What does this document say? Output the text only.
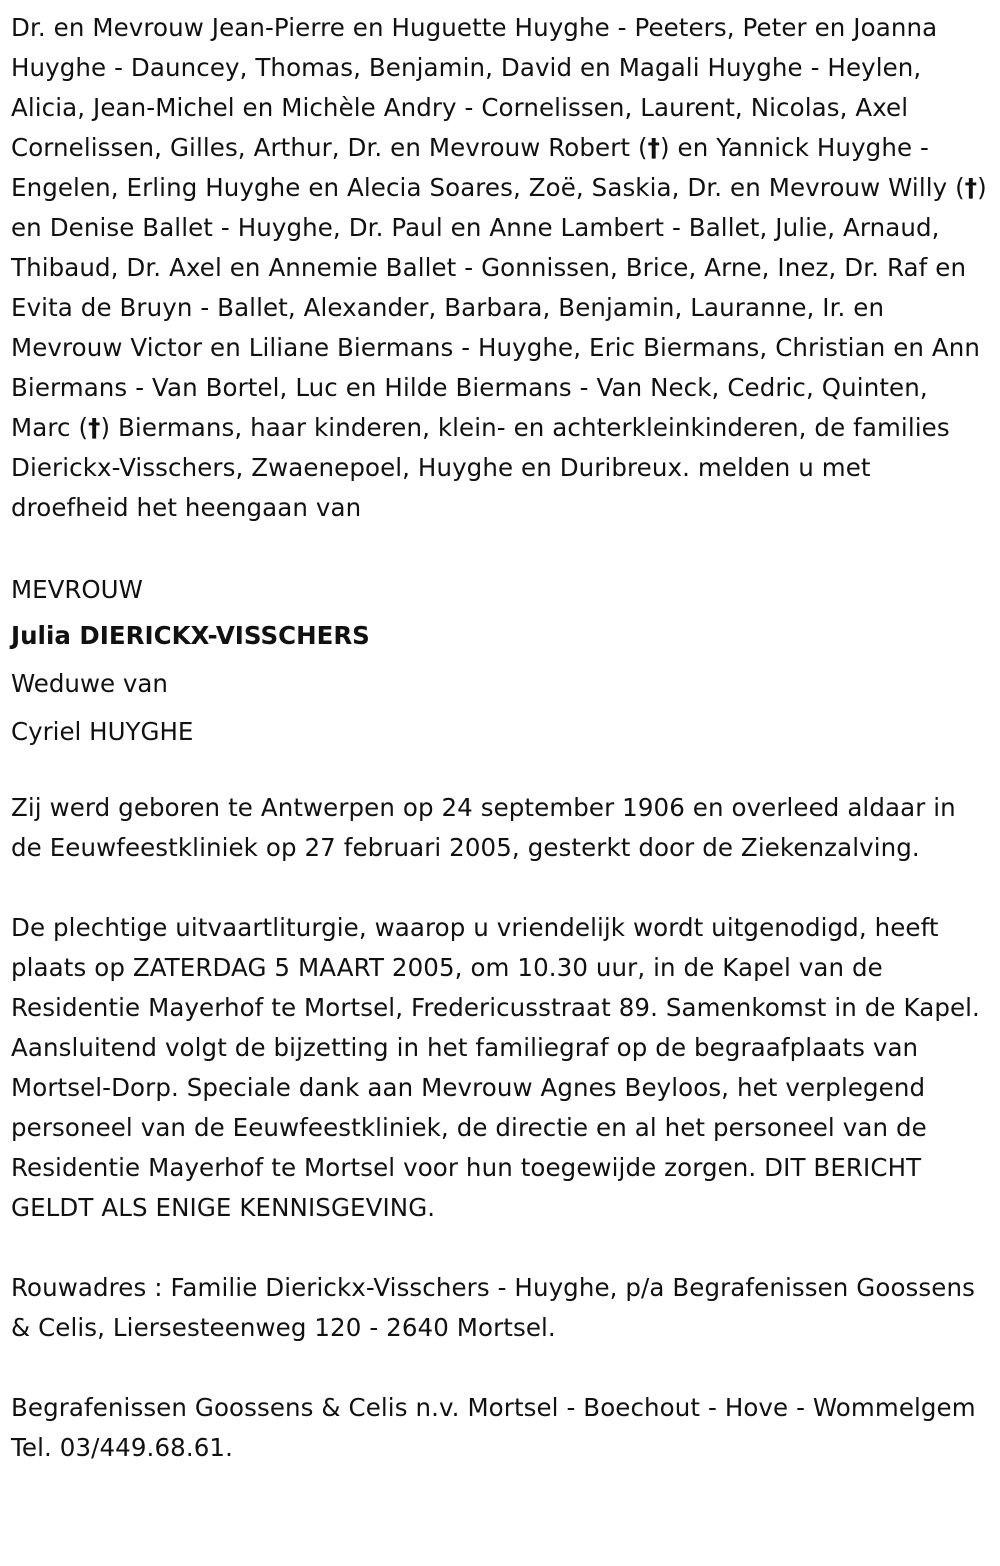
Dr. en Mevrouw Jean-Pierre en Huguette Huyghe - Peeters, Peter en Joanna Huyghe - Dauncey, Thomas, Benjamin, David en Magali Huyghe - Heylen, Alicia, Jean-Michel en Michèle Andry - Cornelissen, Laurent, Nicolas, Axel Cornelissen, Gilles, Arthur, Dr. en Mevrouw Robert (†) en Yannick Huyghe - Engelen, Erling Huyghe en Alecia Soares, Zoë, Saskia, Dr. en Mevrouw Willy (†) en Denise Ballet - Huyghe, Dr. Paul en Anne Lambert - Ballet, Julie, Arnaud, Thibaud, Dr. Axel en Annemie Ballet - Gonnissen, Brice, Arne, Inez, Dr. Raf en Evita de Bruyn - Ballet, Alexander, Barbara, Benjamin, Lauranne, Ir. en Mevrouw Victor en Liliane Biermans - Huyghe, Eric Biermans, Christian en Ann Biermans - Van Bortel, Luc en Hilde Biermans - Van Neck, Cedric, Quinten, Marc (†) Biermans, haar kinderen, klein- en achterkleinkinderen, de families Dierickx-Visschers, Zwaenepoel, Huyghe en Duribreux. melden u met droefheid het heengaan van

MEVROUW
Julia DIERICKX-VISSCHERS
Weduwe van
Cyriel HUYGHE

Zij werd geboren te Antwerpen op 24 september 1906 en overleed aldaar in de Eeuwfeestkliniek op 27 februari 2005, gesterkt door de Ziekenzalving.

De plechtige uitvaartliturgie, waarop u vriendelijk wordt uitgenodigd, heeft plaats op ZATERDAG 5 MAART 2005, om 10.30 uur, in de Kapel van de Residentie Mayerhof te Mortsel, Fredericusstraat 89. Samenkomst in de Kapel. Aansluitend volgt de bijzetting in het familiegraf op de begraafplaats van Mortsel-Dorp. Speciale dank aan Mevrouw Agnes Beyloos, het verplegend personeel van de Eeuwfeestkliniek, de directie en al het personeel van de Residentie Mayerhof te Mortsel voor hun toegewijde zorgen. DIT BERICHT GELDT ALS ENIGE KENNISGEVING.

Rouwadres : Familie Dierickx-Visschers - Huyghe, p/a Begrafenissen Goossens & Celis, Liersesteenweg 120 - 2640 Mortsel.

Begrafenissen Goossens & Celis n.v. Mortsel - Boechout - Hove - Wommelgem Tel. 03/449.68.61.
